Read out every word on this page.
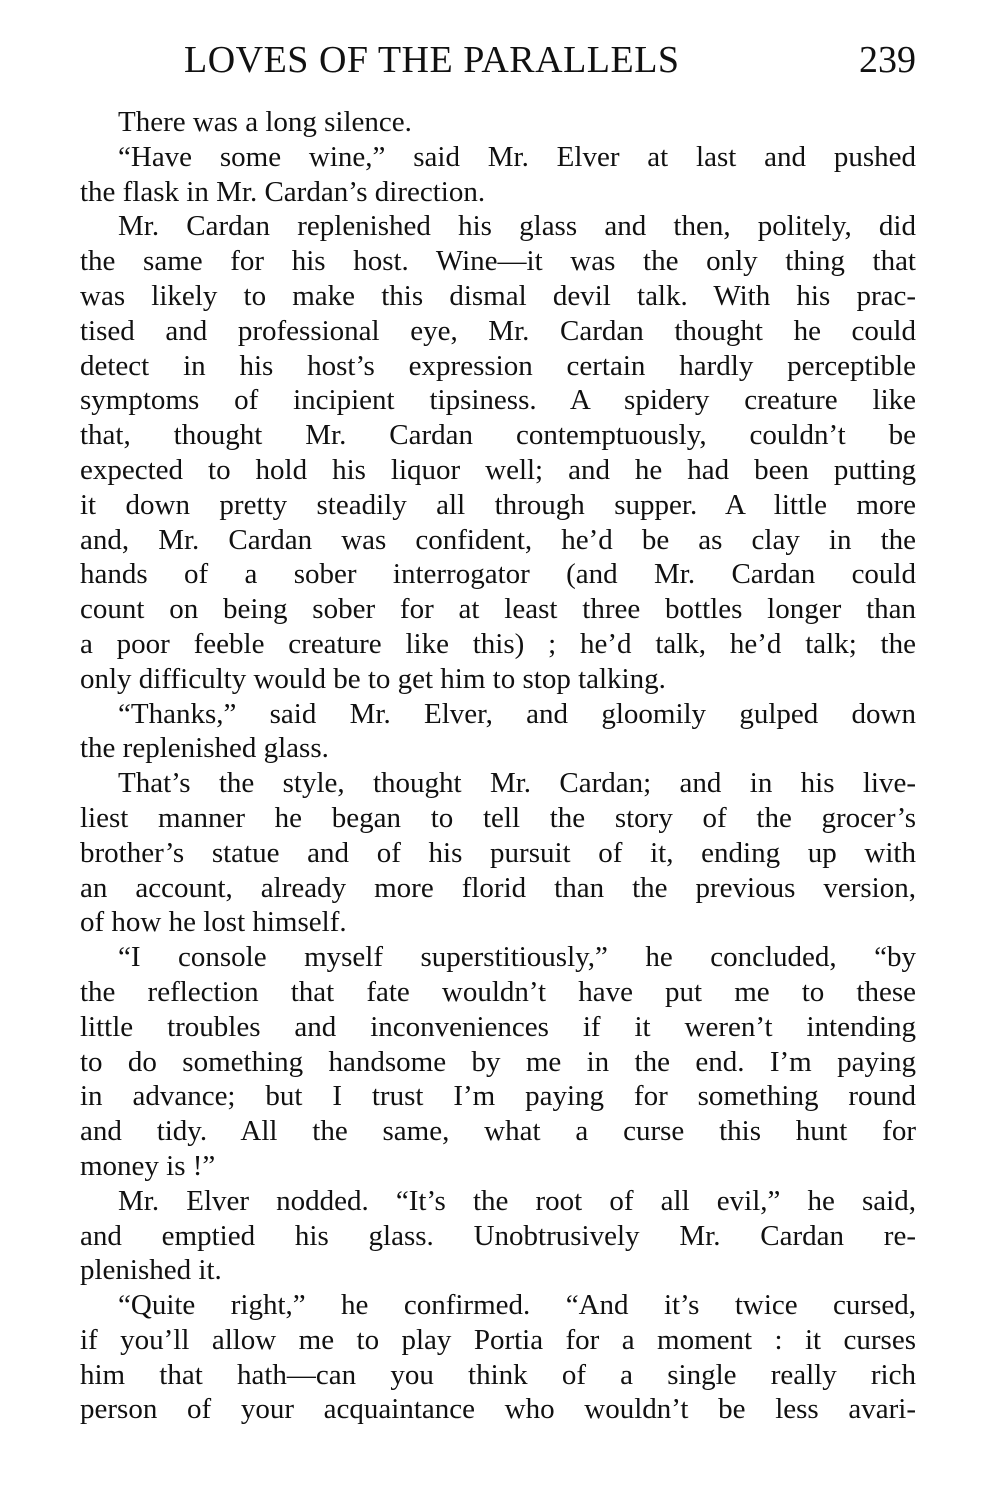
LOVES OF THE PARALLELS	239
There was a long silence.
“Have some wine,” said Mr. Elver at last and pushed
the flask in Mr. Cardan’s direction.
Mr. Cardan replenished his glass and then, politely, did
the same for his host. Wine—it was the only thing that
was likely to make this dismal devil talk. With his prac-
tised and professional eye, Mr. Cardan thought he could
detect in his host’s expression certain hardly perceptible
symptoms of incipient tipsiness. A spidery creature like
that, thought Mr. Cardan contemptuously, couldn’t be
expected to hold his liquor well; and he had been putting
it down pretty steadily all through supper. A little more
and, Mr. Cardan was confident, he’d be as clay in the
hands of a sober interrogator (and Mr. Cardan could
count on being sober for at least three bottles longer than
a poor feeble creature like this) ; he’d talk, he’d talk; the
only difficulty would be to get him to stop talking.
“Thanks,” said Mr. Elver, and gloomily gulped down
the replenished glass.
That’s the style, thought Mr. Cardan; and in his live-
liest manner he began to tell the story of the grocer’s
brother’s statue and of his pursuit of it, ending up with
an account, already more florid than the previous version,
of how he lost himself.
“I console myself superstitiously,” he concluded, “by
the reflection that fate wouldn’t have put me to these
little troubles and inconveniences if it weren’t intending
to do something handsome by me in the end. I’m paying
in advance; but I trust I’m paying for something round
and tidy. All the same, what a curse this hunt for
money is !”
Mr. Elver nodded. “It’s the root of all evil,” he said,
and emptied his glass. Unobtrusively Mr. Cardan re-
plenished it.
“Quite right,” he confirmed. “And it’s twice cursed,
if you’ll allow me to play Portia for a moment : it curses
him that hath—can you think of a single really rich
person of your acquaintance who wouldn’t be less avari-
